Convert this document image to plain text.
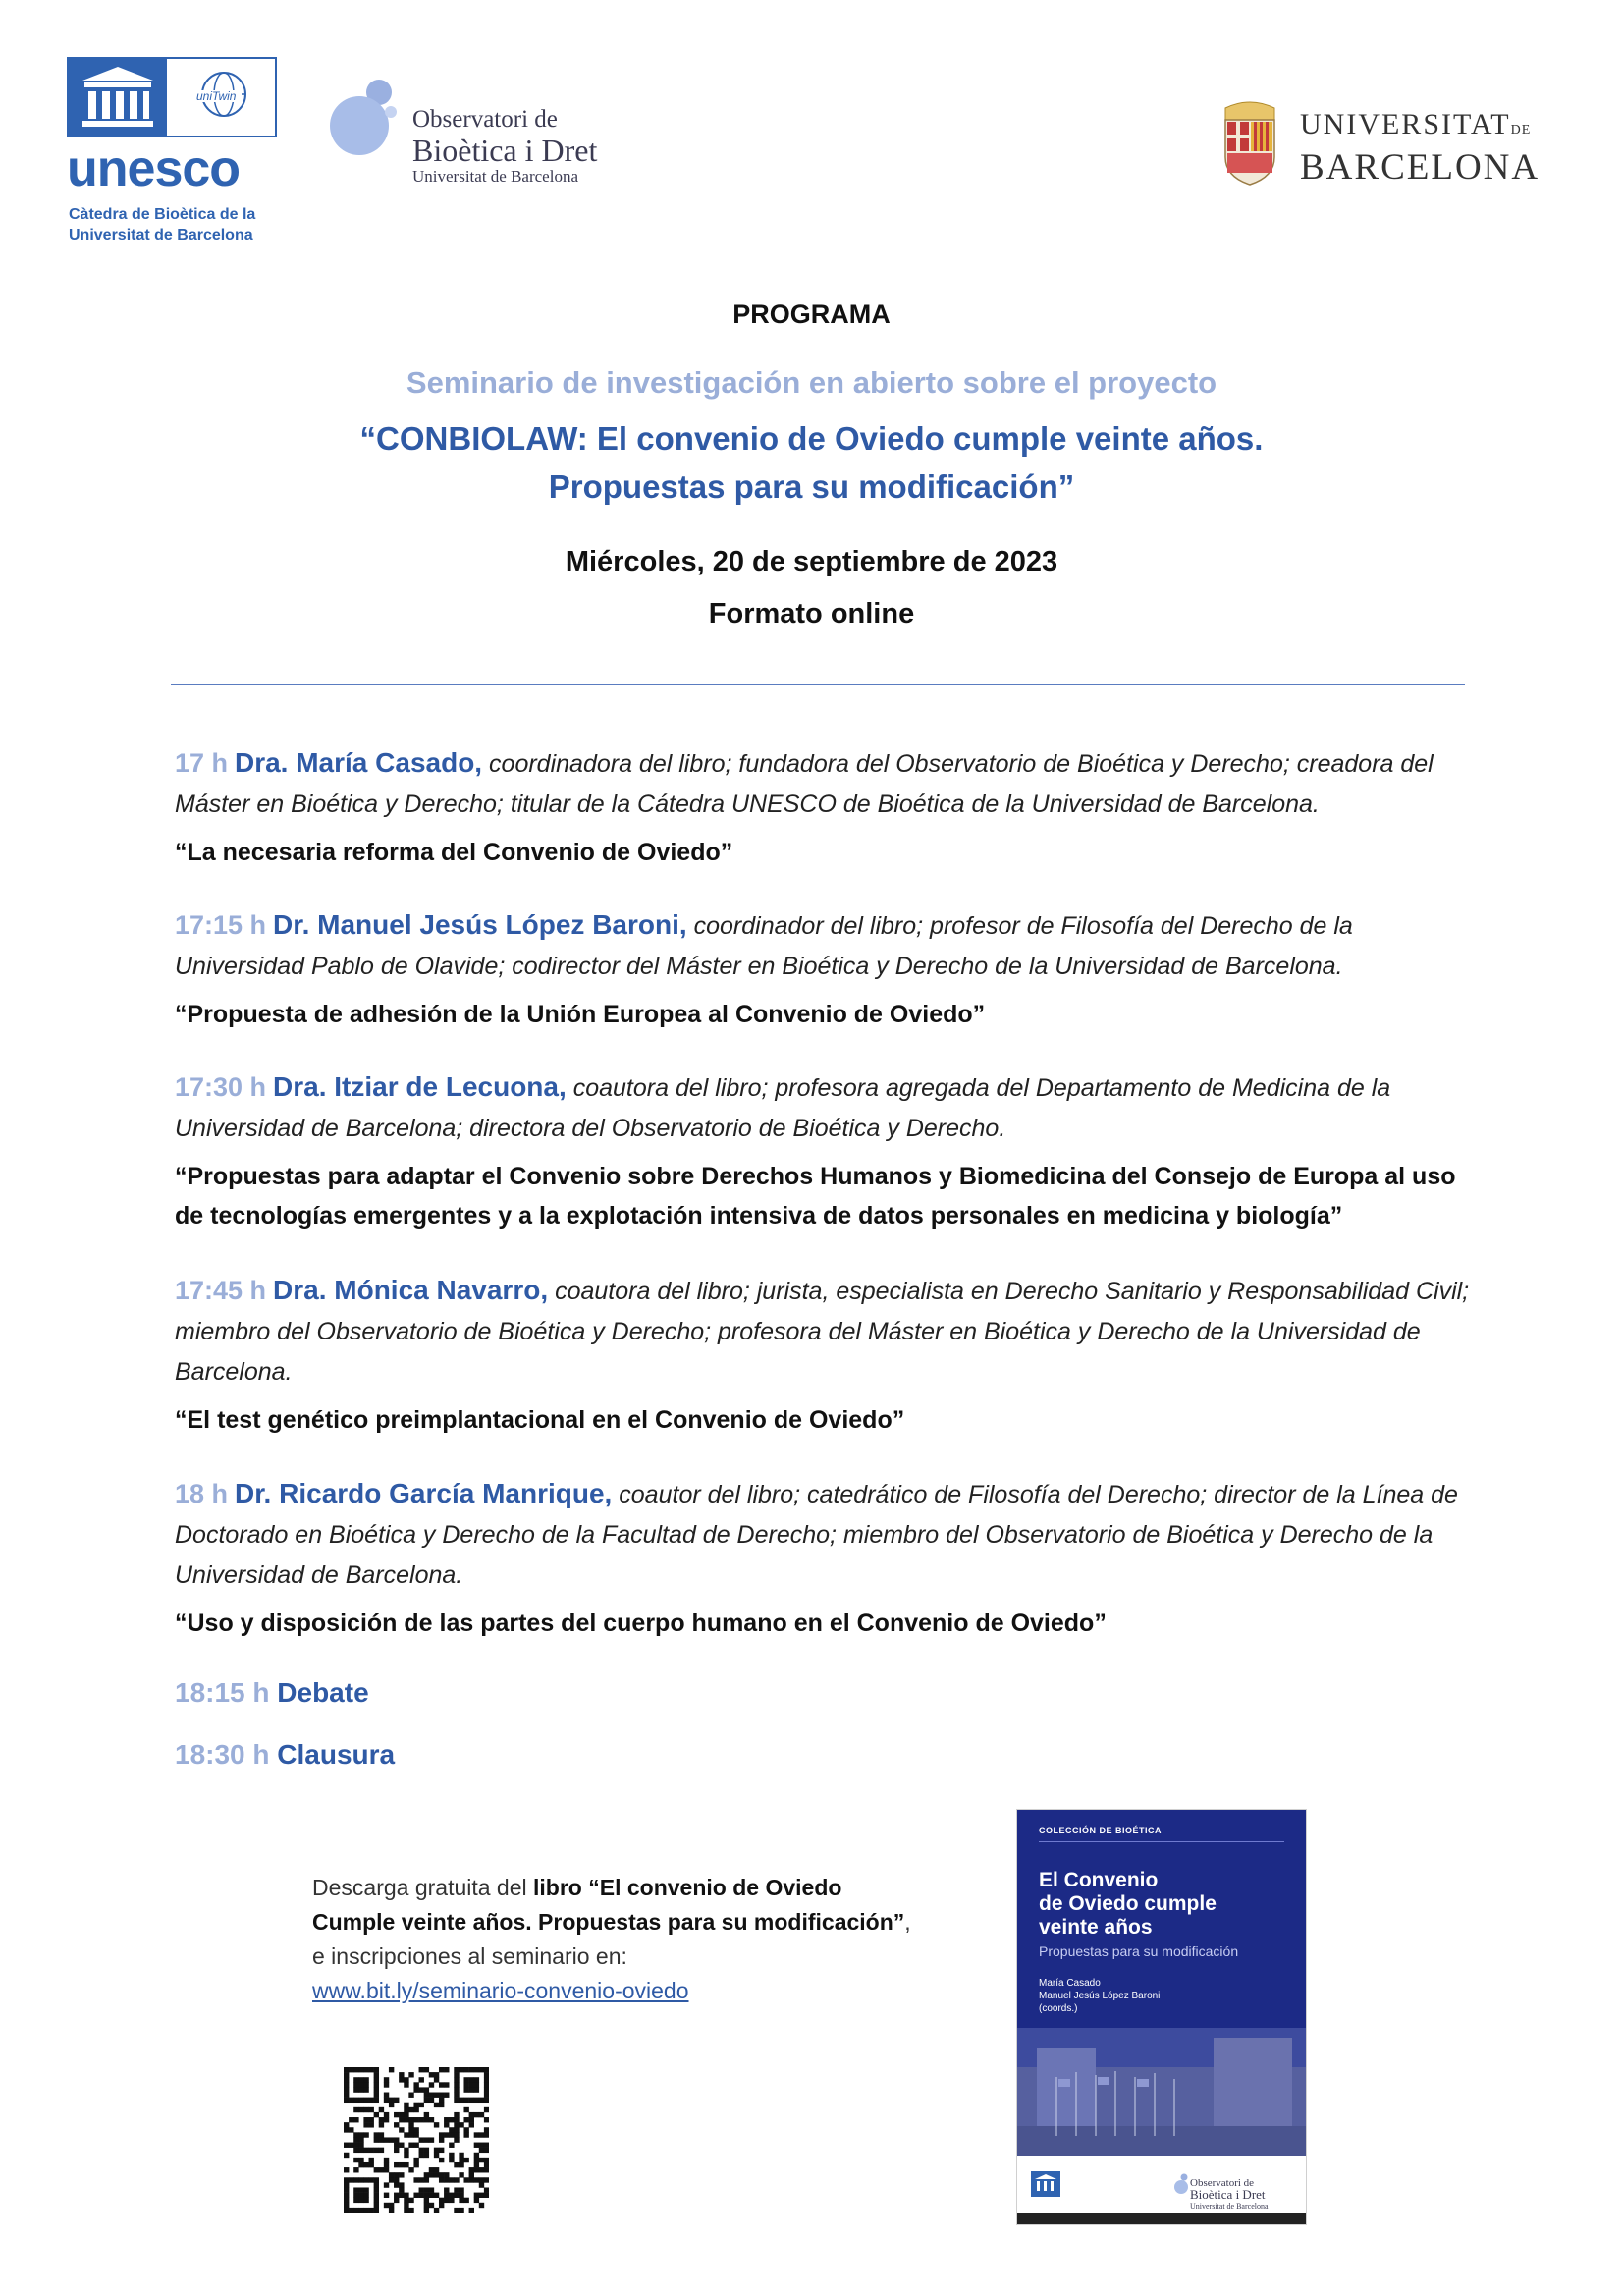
uniTwin
unesco
Càtedra de Bioètica de la
Universitat de Barcelona
Observatori de
Bioètica i Dret
Universitat de Barcelona
UNIVERSITATDE
BARCELONA
PROGRAMA
Seminario de investigación en abierto sobre el proyecto
“CONBIOLAW: El convenio de Oviedo cumple veinte años.
Propuestas para su modificación”
Miércoles, 20 de septiembre de 2023
Formato online
17 h Dra. María Casado, coordinadora del libro; fundadora del Observatorio de Bioética y Derecho; creadora del Máster en Bioética y Derecho; titular de la Cátedra UNESCO de Bioética de la Universidad de Barcelona.
“La necesaria reforma del Convenio de Oviedo”
17:15 h Dr. Manuel Jesús López Baroni, coordinador del libro; profesor de Filosofía del Derecho de la Universidad Pablo de Olavide; codirector del Máster en Bioética y Derecho de la Universidad de Barcelona.
“Propuesta de adhesión de la Unión Europea al Convenio de Oviedo”
17:30 h Dra. Itziar de Lecuona, coautora del libro; profesora agregada del Departamento de Medicina de la Universidad de Barcelona; directora del Observatorio de Bioética y Derecho.
“Propuestas para adaptar el Convenio sobre Derechos Humanos y Biomedicina del Consejo de Europa al uso de tecnologías emergentes y a la explotación intensiva de datos personales en medicina y biología”
17:45 h Dra. Mónica Navarro, coautora del libro; jurista, especialista en Derecho Sanitario y Responsabilidad Civil; miembro del Observatorio de Bioética y Derecho; profesora del Máster en Bioética y Derecho de la Universidad de Barcelona.
“El test genético preimplantacional en el Convenio de Oviedo”
18 h Dr. Ricardo García Manrique, coautor del libro; catedrático de Filosofía del Derecho; director de la Línea de Doctorado en Bioética y Derecho de la Facultad de Derecho; miembro del Observatorio de Bioética y Derecho de la Universidad de Barcelona.
“Uso y disposición de las partes del cuerpo humano en el Convenio de Oviedo”
18:15 h Debate
18:30 h Clausura
Descarga gratuita del libro “El convenio de Oviedo
Cumple veinte años. Propuestas para su modificación”,
e inscripciones al seminario en:
www.bit.ly/seminario-convenio-oviedo
COLECCIÓN DE BIOÉTICA
El Convenio
de Oviedo cumple
veinte años
Propuestas para su modificación
María Casado
Manuel Jesús López Baroni
(coords.)
Observatori de
Bioètica i Dret
Universitat de Barcelona
